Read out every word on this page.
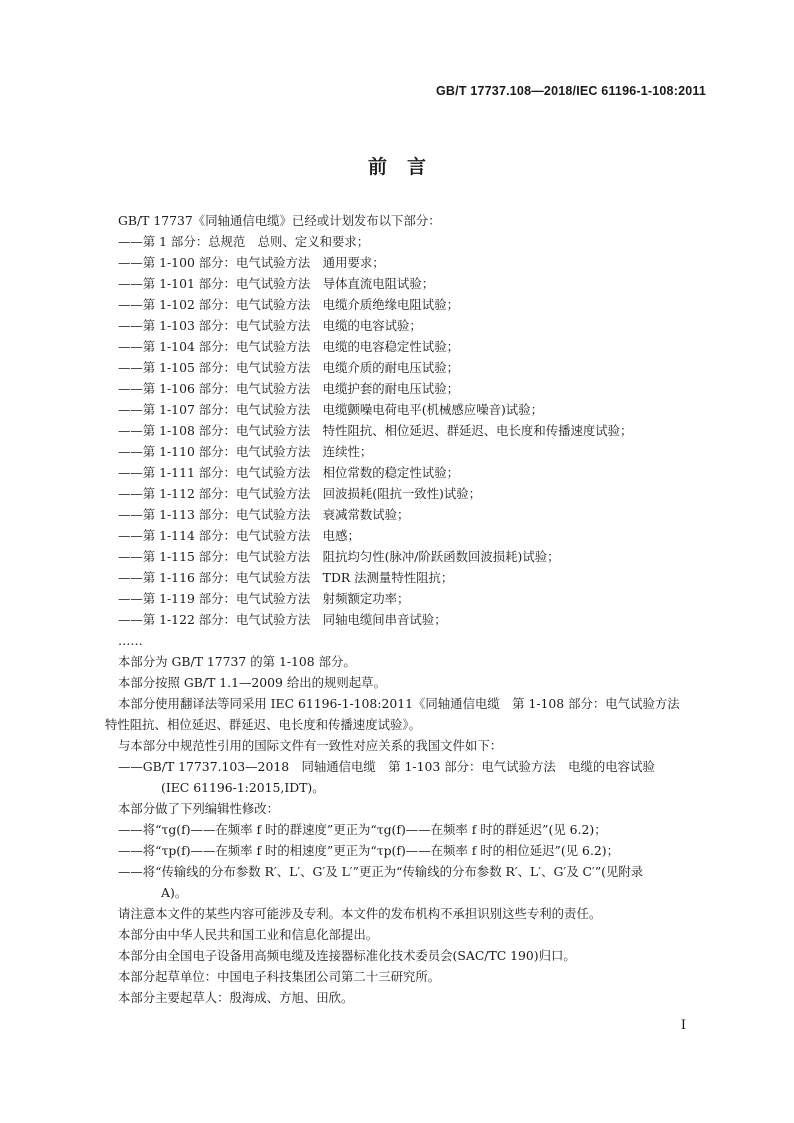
GB/T 17737.108—2018/IEC 61196-1-108:2011
前言
GB/T 17737《同轴通信电缆》已经或计划发布以下部分：
——第 1 部分：总规范　总则、定义和要求；
——第 1-100 部分：电气试验方法　通用要求；
——第 1-101 部分：电气试验方法　导体直流电阻试验；
——第 1-102 部分：电气试验方法　电缆介质绝缘电阻试验；
——第 1-103 部分：电气试验方法　电缆的电容试验；
——第 1-104 部分：电气试验方法　电缆的电容稳定性试验；
——第 1-105 部分：电气试验方法　电缆介质的耐电压试验；
——第 1-106 部分：电气试验方法　电缆护套的耐电压试验；
——第 1-107 部分：电气试验方法　电缆颤噪电荷电平(机械感应噪音)试验；
——第 1-108 部分：电气试验方法　特性阻抗、相位延迟、群延迟、电长度和传播速度试验；
——第 1-110 部分：电气试验方法　连续性；
——第 1-111 部分：电气试验方法　相位常数的稳定性试验；
——第 1-112 部分：电气试验方法　回波损耗(阻抗一致性)试验；
——第 1-113 部分：电气试验方法　衰减常数试验；
——第 1-114 部分：电气试验方法　电感；
——第 1-115 部分：电气试验方法　阻抗均匀性(脉冲/阶跃函数回波损耗)试验；
——第 1-116 部分：电气试验方法　TDR 法测量特性阻抗；
——第 1-119 部分：电气试验方法　射频额定功率；
——第 1-122 部分：电气试验方法　同轴电缆间串音试验；
……
本部分为 GB/T 17737 的第 1-108 部分。
本部分按照 GB/T 1.1—2009 给出的规则起草。
本部分使用翻译法等同采用 IEC 61196-1-108:2011《同轴通信电缆　第 1-108 部分：电气试验方法
特性阻抗、相位延迟、群延迟、电长度和传播速度试验》。
与本部分中规范性引用的国际文件有一致性对应关系的我国文件如下：
——GB/T 17737.103—2018　同轴通信电缆　第 1-103 部分：电气试验方法　电缆的电容试验
(IEC 61196-1:2015,IDT)。
本部分做了下列编辑性修改：
——将“τg(f)——在频率 f 时的群速度”更正为“τg(f)——在频率 f 时的群延迟”(见 6.2)；
——将“τp(f)——在频率 f 时的相速度”更正为“τp(f)——在频率 f 时的相位延迟”(见 6.2)；
——将“传输线的分布参数 R′、L′、G′及 L′”更正为“传输线的分布参数 R′、L′、G′及 C′”(见附录
A)。
请注意本文件的某些内容可能涉及专利。本文件的发布机构不承担识别这些专利的责任。
本部分由中华人民共和国工业和信息化部提出。
本部分由全国电子设备用高频电缆及连接器标准化技术委员会(SAC/TC 190)归口。
本部分起草单位：中国电子科技集团公司第二十三研究所。
本部分主要起草人：殷海成、方旭、田欣。
I
